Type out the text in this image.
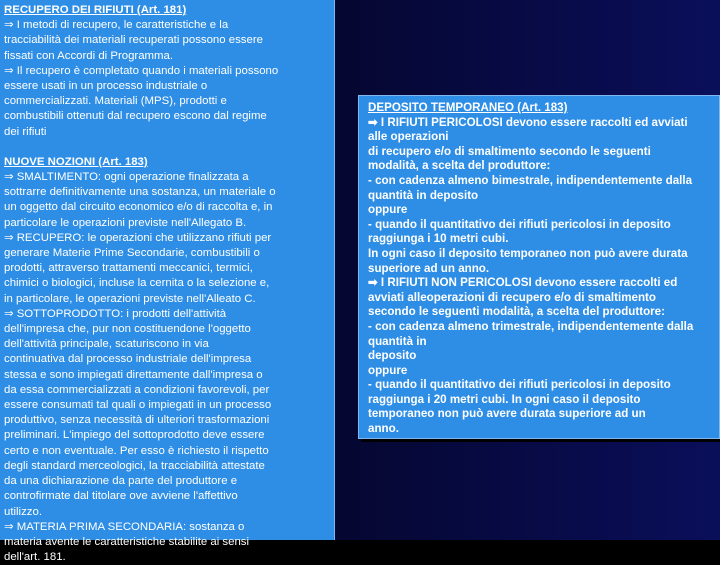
RECUPERO DEI RIFIUTI (Art. 181)
⇒ I metodi di recupero, le caratteristiche e la
tracciabilità dei materiali recuperati possono essere
fissati con Accordi di Programma.
⇒ Il recupero è completato quando i materiali possono
essere usati in un processo industriale o
commercializzati. Materiali (MPS), prodotti e
combustibili ottenuti dal recupero escono dal regime
dei rifiuti
NUOVE NOZIONI (Art. 183)
⇒ SMALTIMENTO: ogni operazione finalizzata a
sottrarre definitivamente una sostanza, un materiale o
un oggetto dal circuito economico e/o di raccolta e, in
particolare le operazioni previste nell'Allegato B.
⇒ RECUPERO: le operazioni che utilizzano rifiuti per
generare Materie Prime Secondarie, combustibili o
prodotti, attraverso trattamenti meccanici, termici,
chimici o biologici, incluse la cernita o la selezione e,
in particolare, le operazioni previste nell'Alleato C.
⇒ SOTTOPRODOTTO: i prodotti dell'attività
dell'impresa che, pur non costituendone l'oggetto
dell'attività principale, scaturiscono in via
continuativa dal processo industriale dell'impresa
stessa e sono impiegati direttamente dall'impresa o
da essa commercializzati a condizioni favorevoli, per
essere consumati tal quali o impiegati in un processo
produttivo, senza necessità di ulteriori trasformazioni
preliminari. L'impiego del sottoprodotto deve essere
certo e non eventuale. Per esso è richiesto il rispetto
degli standard merceologici, la tracciabilità attestate
da una dichiarazione da parte del produttore e
controfirmate dal titolare ove avviene l'affettivo
utilizzo.
⇒ MATERIA PRIMA SECONDARIA: sostanza o
materia avente le caratteristiche stabilite ai sensi
dell'art. 181.
DEPOSITO TEMPORANEO (Art. 183)
➡ I RIFIUTI PERICOLOSI devono essere raccolti ed avviati
alle operazioni
di recupero e/o di smaltimento secondo le seguenti
modalità, a scelta del produttore:
- con cadenza almeno bimestrale, indipendentemente dalla
quantità in deposito
oppure
- quando il quantitativo dei rifiuti pericolosi in deposito
raggiunga i 10 metri cubi.
In ogni caso il deposito temporaneo non può avere durata
superiore ad un anno.
➡ I RIFIUTI NON PERICOLOSI devono essere raccolti ed
avviati alleoperazioni di recupero e/o di smaltimento
secondo le seguenti modalità, a scelta del produttore:
- con cadenza almeno trimestrale, indipendentemente dalla
quantità in
deposito
oppure
- quando il quantitativo dei rifiuti pericolosi in deposito
raggiunga i 20 metri cubi. In ogni caso il deposito
temporaneo non può avere durata superiore ad un
anno.
